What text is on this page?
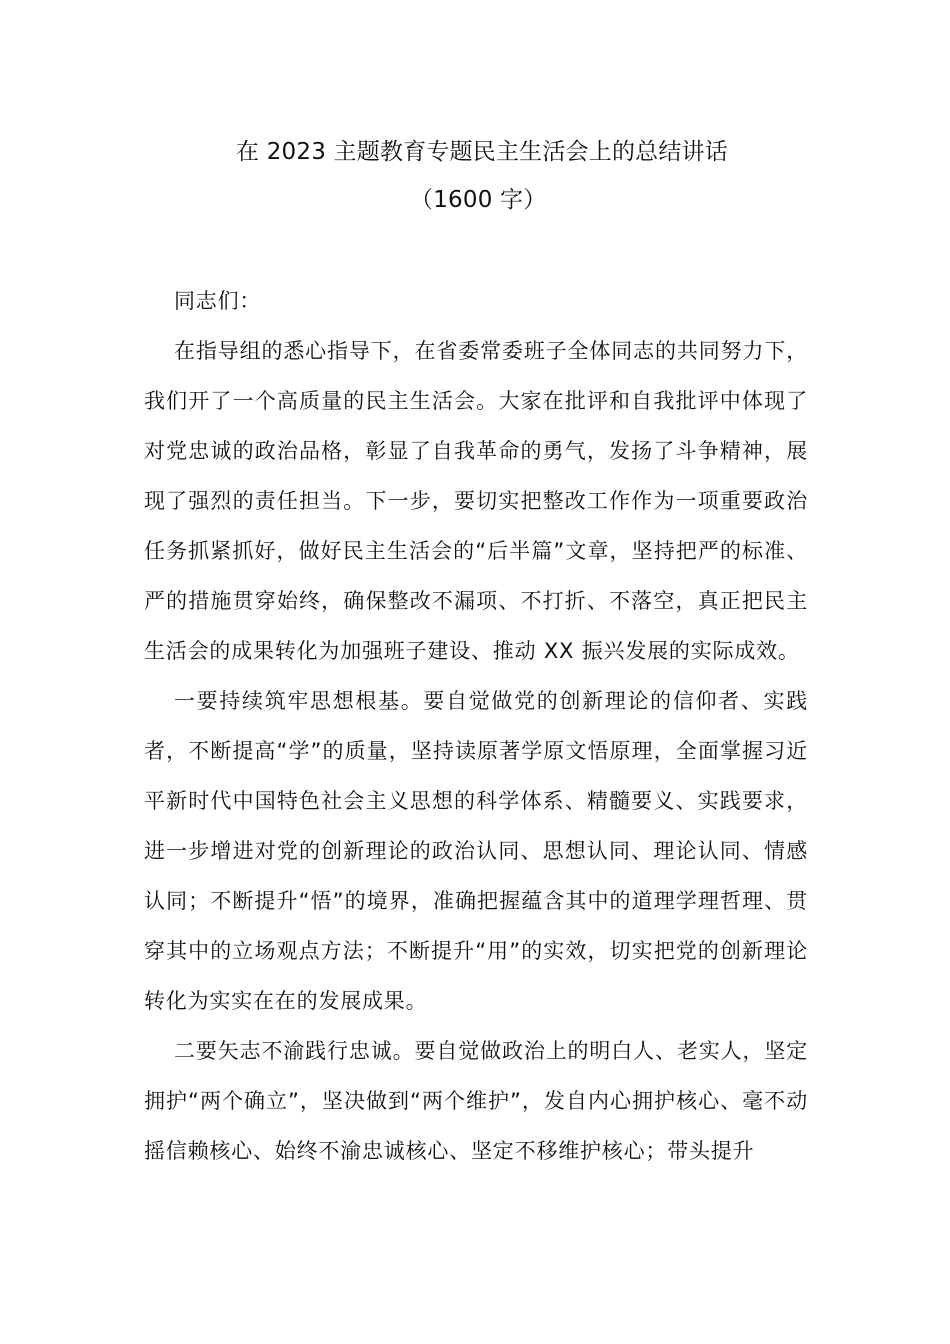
在 2023 主题教育专题民主生活会上的总结讲话
（1600 字）

同志们：

在指导组的悉心指导下，在省委常委班子全体同志的共同努力下，我们开了一个高质量的民主生活会。大家在批评和自我批评中体现了对党忠诚的政治品格，彰显了自我革命的勇气，发扬了斗争精神，展现了强烈的责任担当。下一步，要切实把整改工作作为一项重要政治任务抓紧抓好，做好民主生活会的“后半篇”文章，坚持把严的标准、严的措施贯穿始终，确保整改不漏项、不打折、不落空，真正把民主生活会的成果转化为加强班子建设、推动 XX 振兴发展的实际成效。

一要持续筑牢思想根基。要自觉做党的创新理论的信仰者、实践者，不断提高“学”的质量，坚持读原著学原文悟原理，全面掌握习近平新时代中国特色社会主义思想的科学体系、精髓要义、实践要求，进一步增进对党的创新理论的政治认同、思想认同、理论认同、情感认同；不断提升“悟”的境界，准确把握蕴含其中的道理学理哲理、贯穿其中的立场观点方法；不断提升“用”的实效，切实把党的创新理论转化为实实在在的发展成果。

二要矢志不渝践行忠诚。要自觉做政治上的明白人、老实人，坚定拥护“两个确立”，坚决做到“两个维护”，发自内心拥护核心、毫不动摇信赖核心、始终不渝忠诚核心、坚定不移维护核心；带头提升
